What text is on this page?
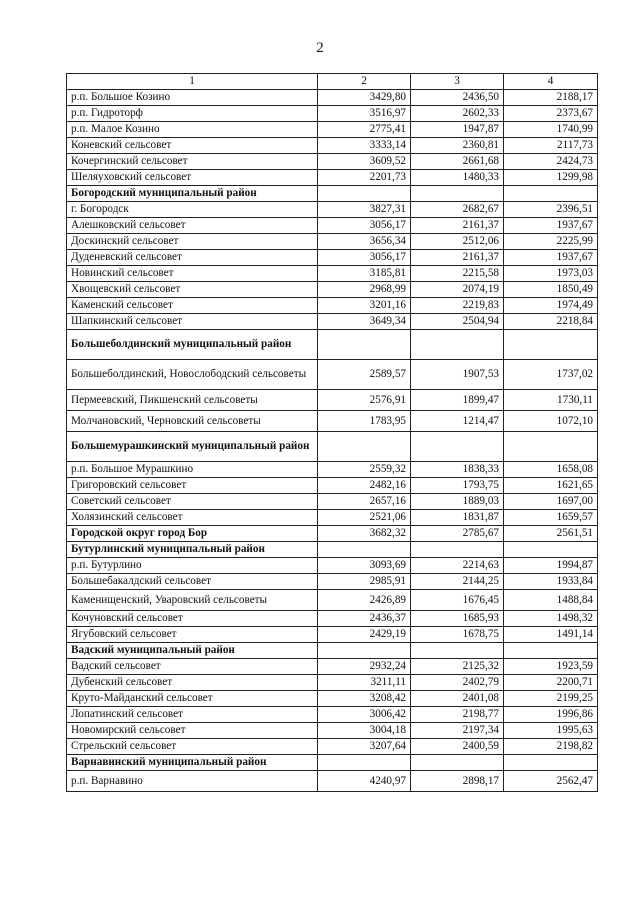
2
1	2	3	4
р.п. Большое Козино	3429,80	2436,50	2188,17
р.п. Гидроторф	3516,97	2602,33	2373,67
р.п. Малое Козино	2775,41	1947,87	1740,99
Коневский сельсовет	3333,14	2360,81	2117,73
Кочергинский сельсовет	3609,52	2661,68	2424,73
Шеляуховский сельсовет	2201,73	1480,33	1299,98
Богородский муниципальный район			
г. Богородск	3827,31	2682,67	2396,51
Алешковский сельсовет	3056,17	2161,37	1937,67
Доскинский сельсовет	3656,34	2512,06	2225,99
Дуденевский сельсовет	3056,17	2161,37	1937,67
Новинский сельсовет	3185,81	2215,58	1973,03
Хвощевский сельсовет	2968,99	2074,19	1850,49
Каменский сельсовет	3201,16	2219,83	1974,49
Шапкинский сельсовет	3649,34	2504,94	2218,84
Большеболдинский муниципальный район			
Большеболдинский, Новослободский сельсоветы	2589,57	1907,53	1737,02
Пермеевский, Пикшенский сельсоветы	2576,91	1899,47	1730,11
Молчановский, Черновский сельсоветы	1783,95	1214,47	1072,10
Большемурашкинский муниципальный район			
р.п. Большое Мурашкино	2559,32	1838,33	1658,08
Григоровский сельсовет	2482,16	1793,75	1621,65
Советский сельсовет	2657,16	1889,03	1697,00
Холязинский сельсовет	2521,06	1831,87	1659,57
Городской округ город Бор	3682,32	2785,67	2561,51
Бутурлинский муниципальный район			
р.п. Бутурлино	3093,69	2214,63	1994,87
Большебакалдский сельсовет	2985,91	2144,25	1933,84
Каменищенский, Уваровский сельсоветы	2426,89	1676,45	1488,84
Кочуновский сельсовет	2436,37	1685,93	1498,32
Ягубовский сельсовет	2429,19	1678,75	1491,14
Вадский муниципальный район			
Вадский сельсовет	2932,24	2125,32	1923,59
Дубенский сельсовет	3211,11	2402,79	2200,71
Круто-Майданский сельсовет	3208,42	2401,08	2199,25
Лопатинский сельсовет	3006,42	2198,77	1996,86
Новомирский сельсовет	3004,18	2197,34	1995,63
Стрельский сельсовет	3207,64	2400,59	2198,82
Варнавинский муниципальный район			
р.п. Варнавино	4240,97	2898,17	2562,47
